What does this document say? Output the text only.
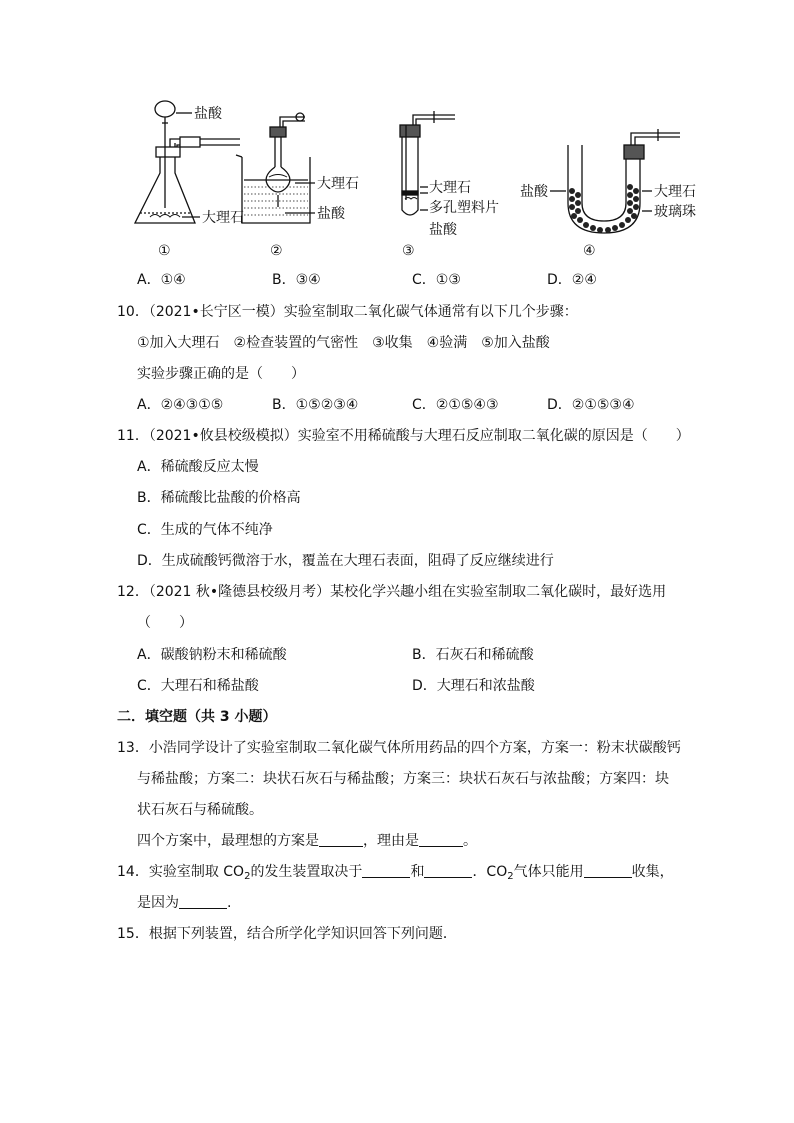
盐酸
大理石
①
大理石
盐酸
②
大理石
多孔塑料片
盐酸
③
盐酸	大理石
玻璃珠
④
A．①④	B．③④	C．①③	D．②④
10．（2021•长宁区一模）实验室制取二氧化碳气体通常有以下几个步骤：
①加入大理石　②检查装置的气密性　③收集　④验满　⑤加入盐酸
实验步骤正确的是（　　）
A．②④③①⑤	B．①⑤②③④	C．②①⑤④③	D．②①⑤③④
11．（2021•攸县校级模拟）实验室不用稀硫酸与大理石反应制取二氧化碳的原因是（　　）
A．稀硫酸反应太慢
B．稀硫酸比盐酸的价格高
C．生成的气体不纯净
D．生成硫酸钙微溶于水，覆盖在大理石表面，阻碍了反应继续进行
12．（2021 秋•隆德县校级月考）某校化学兴趣小组在实验室制取二氧化碳时，最好选用
（　　）
A．碳酸钠粉末和稀硫酸	B．石灰石和稀硫酸
C．大理石和稀盐酸	D．大理石和浓盐酸
二．填空题（共 3 小题）
13．小浩同学设计了实验室制取二氧化碳气体所用药品的四个方案，方案一：粉末状碳酸钙
与稀盐酸；方案二：块状石灰石与稀盐酸；方案三：块状石灰石与浓盐酸；方案四：块
状石灰石与稀硫酸。
四个方案中，最理想的方案是	，理由是	。
14．实验室制取 $CO_2$的发生装置取决于	和	．$CO_2$气体只能用	收集，
是因为	.
15．根据下列装置，结合所学化学知识回答下列问题．
